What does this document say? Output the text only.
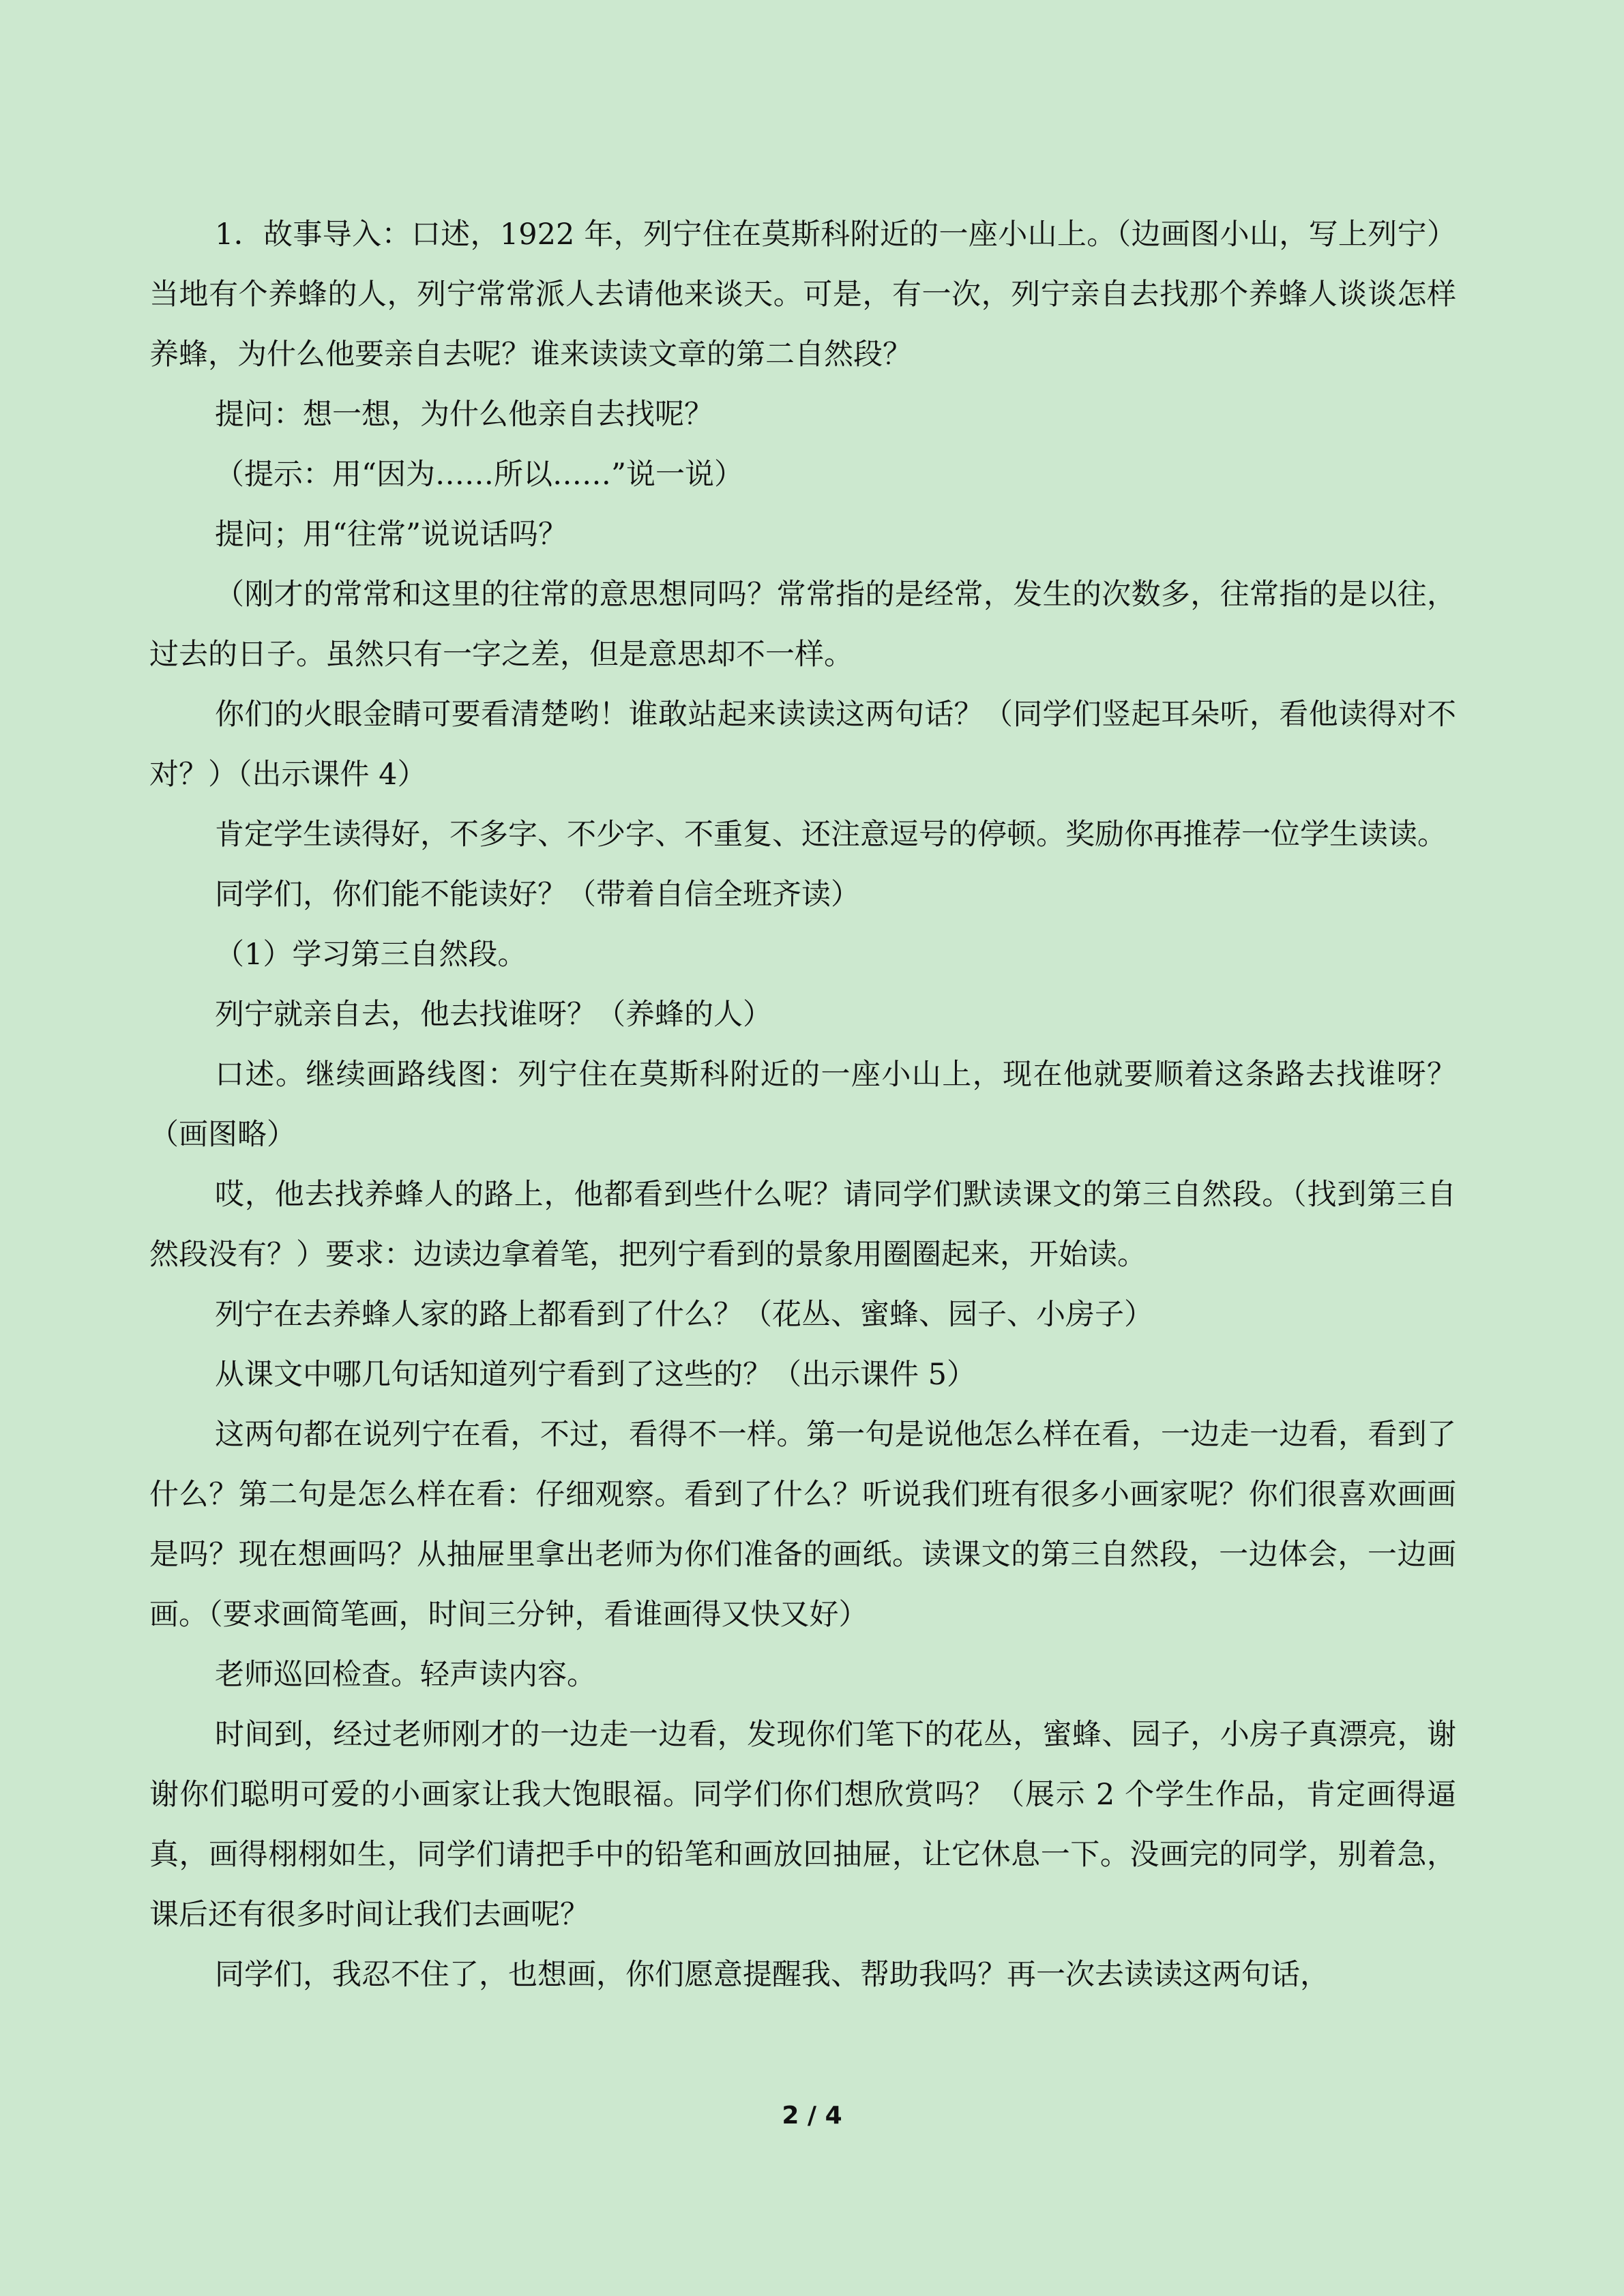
1．故事导入：口述，1922 年，列宁住在莫斯科附近的一座小山上。（边画图小山，写上列宁）当地有个养蜂的人，列宁常常派人去请他来谈天。可是，有一次，列宁亲自去找那个养蜂人谈谈怎样养蜂，为什么他要亲自去呢？谁来读读文章的第二自然段？

提问：想一想，为什么他亲自去找呢？

（提示：用“因为……所以……”说一说）

提问；用“往常”说说话吗？

（刚才的常常和这里的往常的意思想同吗？常常指的是经常，发生的次数多，往常指的是以往，过去的日子。虽然只有一字之差，但是意思却不一样。

你们的火眼金睛可要看清楚哟！谁敢站起来读读这两句话？（同学们竖起耳朵听，看他读得对不对？）（出示课件 4）

肯定学生读得好，不多字、不少字、不重复、还注意逗号的停顿。奖励你再推荐一位学生读读。

同学们，你们能不能读好？（带着自信全班齐读）

（1）学习第三自然段。

列宁就亲自去，他去找谁呀？（养蜂的人）

口述。继续画路线图：列宁住在莫斯科附近的一座小山上，现在他就要顺着这条路去找谁呀？（画图略）

哎，他去找养蜂人的路上，他都看到些什么呢？请同学们默读课文的第三自然段。（找到第三自然段没有？）要求：边读边拿着笔，把列宁看到的景象用圈圈起来，开始读。

列宁在去养蜂人家的路上都看到了什么？（花丛、蜜蜂、园子、小房子）

从课文中哪几句话知道列宁看到了这些的？（出示课件 5）

这两句都在说列宁在看，不过，看得不一样。第一句是说他怎么样在看，一边走一边看，看到了什么？第二句是怎么样在看：仔细观察。看到了什么？听说我们班有很多小画家呢？你们很喜欢画画是吗？现在想画吗？从抽屉里拿出老师为你们准备的画纸。读课文的第三自然段，一边体会，一边画画。（要求画简笔画，时间三分钟，看谁画得又快又好）

老师巡回检查。轻声读内容。

时间到，经过老师刚才的一边走一边看，发现你们笔下的花丛，蜜蜂、园子，小房子真漂亮，谢谢你们聪明可爱的小画家让我大饱眼福。同学们你们想欣赏吗？（展示 2 个学生作品，肯定画得逼真，画得栩栩如生，同学们请把手中的铅笔和画放回抽屉，让它休息一下。没画完的同学，别着急，课后还有很多时间让我们去画呢？

同学们，我忍不住了，也想画，你们愿意提醒我、帮助我吗？再一次去读读这两句话，

2 / 4
